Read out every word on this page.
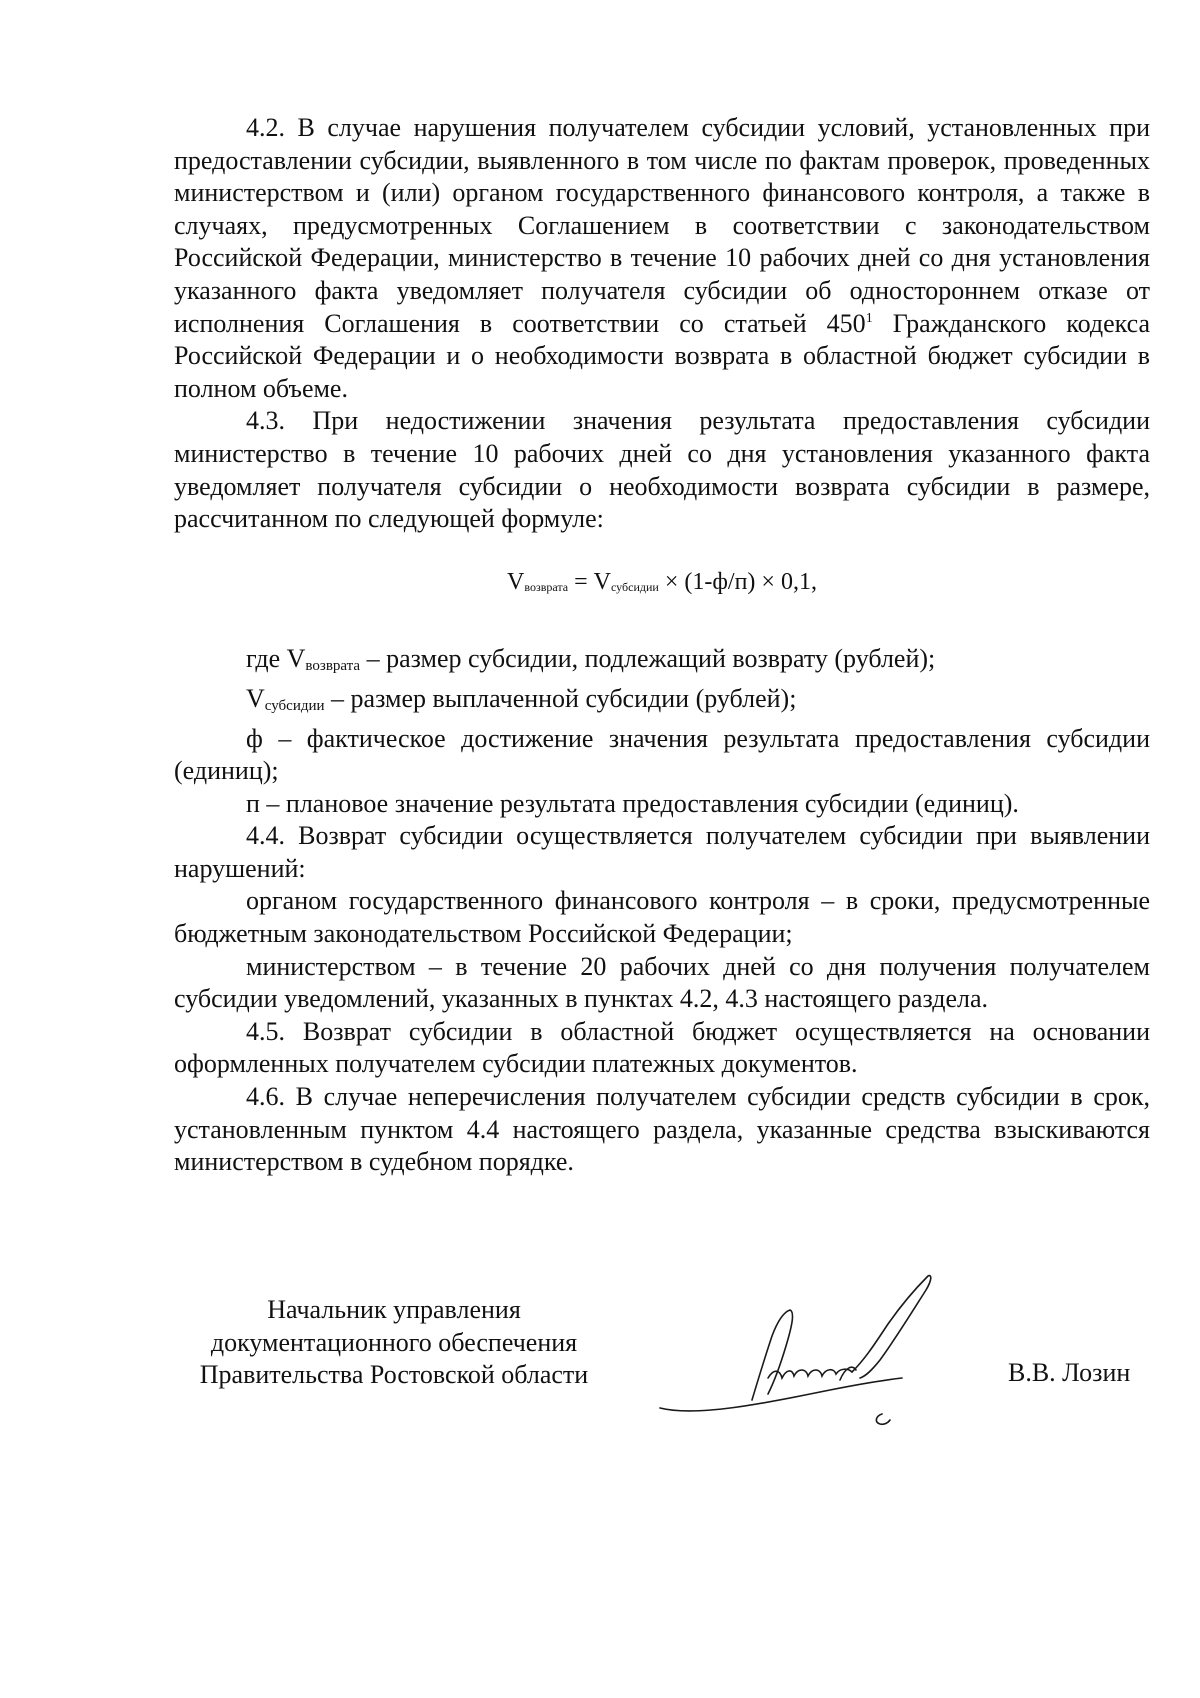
4.2. В случае нарушения получателем субсидии условий, установленных при предоставлении субсидии, выявленного в том числе по фактам проверок, проведенных министерством и (или) органом государственного финансового контроля, а также в случаях, предусмотренных Соглашением в соответствии с законодательством Российской Федерации, министерство в течение 10 рабочих дней со дня установления указанного факта уведомляет получателя субсидии об одностороннем отказе от исполнения Соглашения в соответствии со статьей $450^1$ Гражданского кодекса Российской Федерации и о необходимости возврата в областной бюджет субсидии в полном объеме.

4.3. При недостижении значения результата предоставления субсидии министерство в течение 10 рабочих дней со дня установления указанного факта уведомляет получателя субсидии о необходимости возврата субсидии в размере, рассчитанном по следующей формуле:

$V_{возврата} = V_{субсидии} \times (1-ф/п) \times 0,1$,

где $V_{возврата}$ – размер субсидии, подлежащий возврату (рублей);

$V_{субсидии}$ – размер выплаченной субсидии (рублей);

ф – фактическое достижение значения результата предоставления субсидии (единиц);

п – плановое значение результата предоставления субсидии (единиц).

4.4. Возврат субсидии осуществляется получателем субсидии при выявлении нарушений:

органом государственного финансового контроля – в сроки, предусмотренные бюджетным законодательством Российской Федерации;

министерством – в течение 20 рабочих дней со дня получения получателем субсидии уведомлений, указанных в пунктах 4.2, 4.3 настоящего раздела.

4.5. Возврат субсидии в областной бюджет осуществляется на основании оформленных получателем субсидии платежных документов.

4.6. В случае неперечисления получателем субсидии средств субсидии в срок, установленным пунктом 4.4 настоящего раздела, указанные средства взыскиваются министерством в судебном порядке.

Начальник управления
документационного обеспечения
Правительства Ростовской области	В.В. Лозин
